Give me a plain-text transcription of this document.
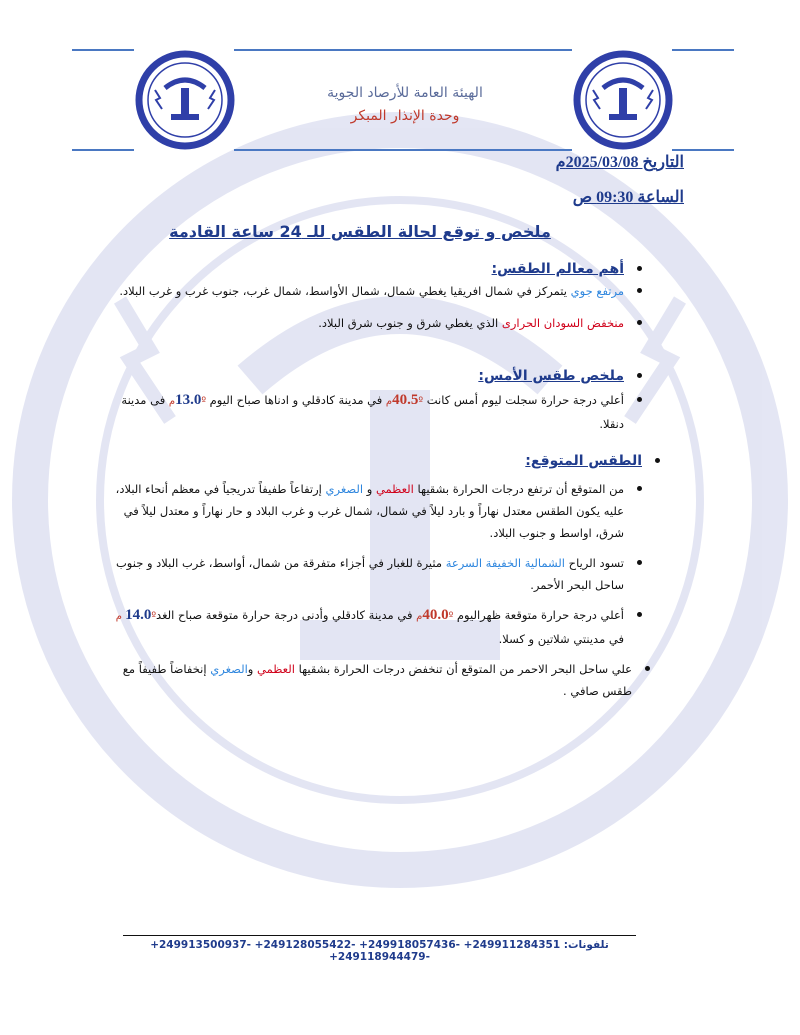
الهيئة العامة للأرصاد الجوية
وحدة الإنذار المبكر
التاريخ 2025/03/08م
الساعة 09:30 ص
ملخص و توقع لحالة الطقس للـ 24 ساعة القادمة
أهم معالم الطقس:
مرتفع جوي يتمركز في شمال افريقيا يغطي شمال، شمال الأواسط، شمال غرب، جنوب غرب و غرب البلاد.
منخفض السودان الحرارى الذي يغطي شرق و جنوب شرق البلاد.
ملخص طقس الأمس:
أعلي درجة حرارة سجلت ليوم أمس كانت 40.5ºم في مدينة كادقلي و ادناها صباح اليوم 13.0ºم فى مدينة دنقلا.
الطقس المتوقع:
من المتوقع أن ترتفع درجات الحرارة بشقيها العظمي و الصغري إرتفاعاً طفيفاً تدريجياً في معظم أنحاء البلاد، عليه يكون الطقس معتدل نهاراً و بارد ليلاً في شمال، شمال غرب و غرب البلاد و حار نهاراً و معتدل ليلاً في شرق، اواسط و جنوب البلاد.
تسود الرياح الشمالية الخفيفة السرعة مثيرة للغبار في أجزاء متفرقة من شمال، أواسط، غرب البلاد و جنوب ساحل البحر الأحمر.
أعلي درجة حرارة متوقعة ظهراليوم 40.0ºم في مدينة كادقلي وأدنى درجة حرارة متوقعة صباح الغد14.0º م في مدينتي شلاتين و كسلا.
علي ساحل البحر الاحمر من المتوقع أن تنخفض درجات الحرارة بشقيها العظمي والصغري إنخفاضاً طفيفاً مع طقس صافي .
تلفونات: 249911284351+ -249918057436+ -249128055422+ -249913500937+ -249118944479+
